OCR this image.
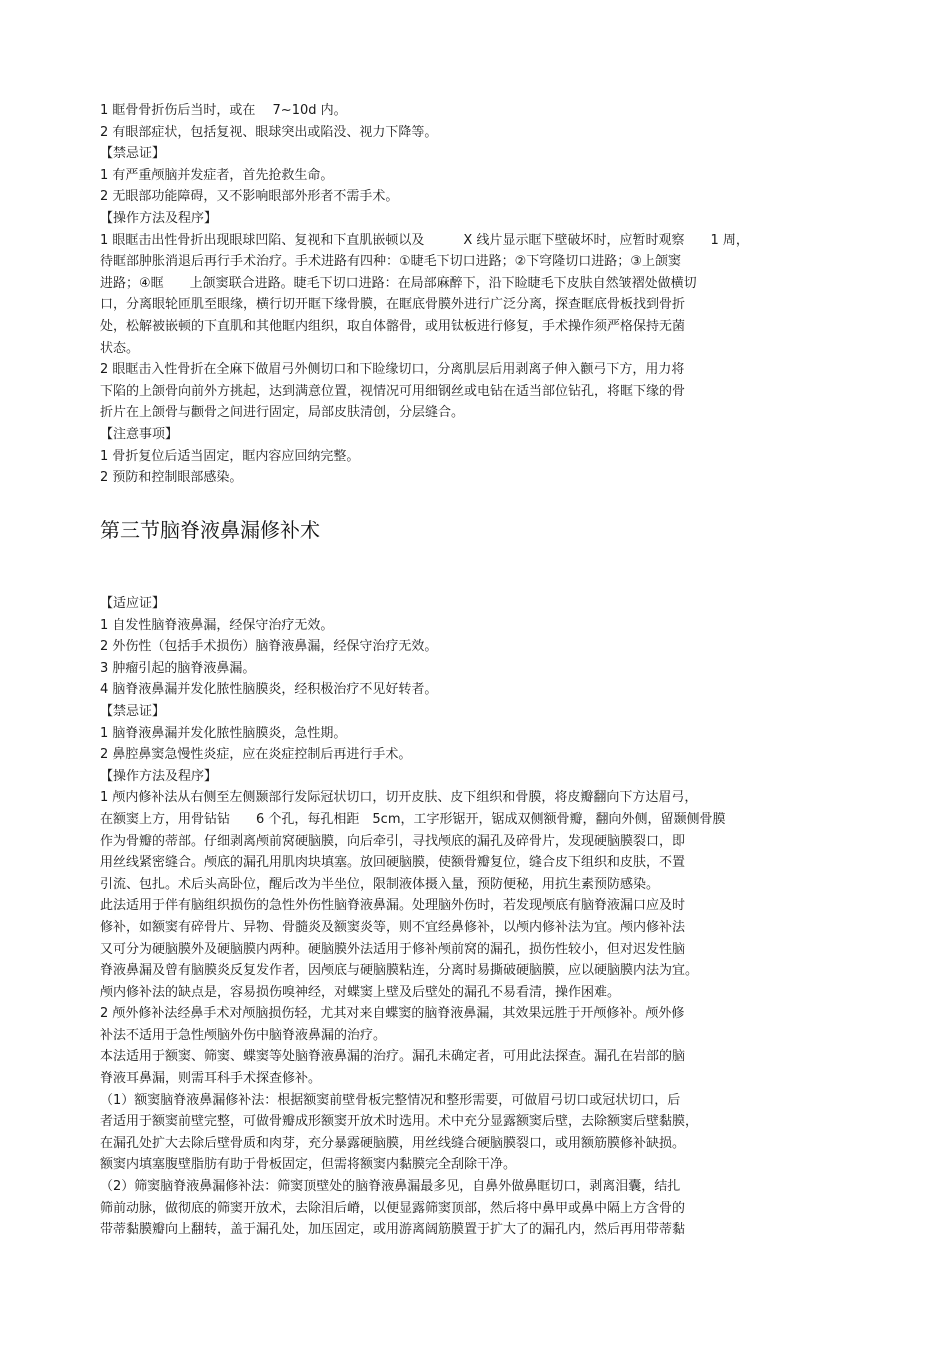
1 眶骨骨折伤后当时，或在　 7~10d 内。
2 有眼部症状，包括复视、眼球突出或陷没、视力下降等。
【禁忌证】
1 有严重颅脑并发症者，首先抢救生命。
2 无眼部功能障碍，又不影响眼部外形者不需手术。
【操作方法及程序】
1 眼眶击出性骨折出现眼球凹陷、复视和下直肌嵌顿以及　　　X 线片显示眶下壁破坏时，应暂时观察　　1 周，
待眶部肿胀消退后再行手术治疗。手术进路有四种：①睫毛下切口进路；②下穹隆切口进路；③上颌窦
进路；④眶　　上颌窦联合进路。睫毛下切口进路：在局部麻醉下，沿下睑睫毛下皮肤自然皱褶处做横切
口，分离眼轮匝肌至眼缘，横行切开眶下缘骨膜，在眶底骨膜外进行广泛分离，探查眶底骨板找到骨折
处，松解被嵌顿的下直肌和其他眶内组织，取自体髂骨，或用钛板进行修复，手术操作须严格保持无菌
状态。
2 眼眶击入性骨折在全麻下做眉弓外侧切口和下睑缘切口，分离肌层后用剥离子伸入颧弓下方，用力将
下陷的上颌骨向前外方挑起，达到满意位置，视情况可用细钢丝或电钻在适当部位钻孔，将眶下缘的骨
折片在上颌骨与颧骨之间进行固定，局部皮肤清创，分层缝合。
【注意事项】
1 骨折复位后适当固定，眶内容应回纳完整。
2 预防和控制眼部感染。
第三节脑脊液鼻漏修补术
【适应证】
1 自发性脑脊液鼻漏，经保守治疗无效。
2 外伤性（包括手术损伤）脑脊液鼻漏，经保守治疗无效。
3 肿瘤引起的脑脊液鼻漏。
4 脑脊液鼻漏并发化脓性脑膜炎，经积极治疗不见好转者。
【禁忌证】
1 脑脊液鼻漏并发化脓性脑膜炎，急性期。
2 鼻腔鼻窦急慢性炎症，应在炎症控制后再进行手术。
【操作方法及程序】
1 颅内修补法从右侧至左侧颞部行发际冠状切口，切开皮肤、皮下组织和骨膜，将皮瓣翻向下方达眉弓，
在额窦上方，用骨钻钻　　6 个孔，每孔相距　5cm，工字形锯开，锯成双侧额骨瓣，翻向外侧，留颞侧骨膜
作为骨瓣的蒂部。仔细剥离颅前窝硬脑膜，向后牵引，寻找颅底的漏孔及碎骨片，发现硬脑膜裂口，即
用丝线紧密缝合。颅底的漏孔用肌肉块填塞。放回硬脑膜，使额骨瓣复位，缝合皮下组织和皮肤，不置
引流、包扎。术后头高卧位，醒后改为半坐位，限制液体摄入量，预防便秘，用抗生素预防感染。
此法适用于伴有脑组织损伤的急性外伤性脑脊液鼻漏。处理脑外伤时，若发现颅底有脑脊液漏口应及时
修补，如额窦有碎骨片、异物、骨髓炎及额窦炎等，则不宜经鼻修补，以颅内修补法为宜。颅内修补法
又可分为硬脑膜外及硬脑膜内两种。硬脑膜外法适用于修补颅前窝的漏孔，损伤性较小，但对迟发性脑
脊液鼻漏及曾有脑膜炎反复发作者，因颅底与硬脑膜粘连，分离时易撕破硬脑膜，应以硬脑膜内法为宜。
颅内修补法的缺点是，容易损伤嗅神经，对蝶窦上壁及后壁处的漏孔不易看清，操作困难。
2 颅外修补法经鼻手术对颅脑损伤轻，尤其对来自蝶窦的脑脊液鼻漏，其效果远胜于开颅修补。颅外修
补法不适用于急性颅脑外伤中脑脊液鼻漏的治疗。
本法适用于额窦、筛窦、蝶窦等处脑脊液鼻漏的治疗。漏孔未确定者，可用此法探查。漏孔在岩部的脑
脊液耳鼻漏，则需耳科手术探查修补。
（1）额窦脑脊液鼻漏修补法：根据额窦前壁骨板完整情况和整形需要，可做眉弓切口或冠状切口，后
者适用于额窦前壁完整，可做骨瓣成形额窦开放术时选用。术中充分显露额窦后壁，去除额窦后壁黏膜，
在漏孔处扩大去除后壁骨质和肉芽，充分暴露硬脑膜，用丝线缝合硬脑膜裂口，或用额筋膜修补缺损。
额窦内填塞腹壁脂肪有助于骨板固定，但需将额窦内黏膜完全刮除干净。
（2）筛窦脑脊液鼻漏修补法：筛窦顶壁处的脑脊液鼻漏最多见，自鼻外做鼻眶切口，剥离泪囊，结扎
筛前动脉，做彻底的筛窦开放术，去除泪后嵴，以便显露筛窦顶部，然后将中鼻甲或鼻中隔上方含骨的
带蒂黏膜瓣向上翻转，盖于漏孔处，加压固定，或用游离阔筋膜置于扩大了的漏孔内，然后再用带蒂黏
